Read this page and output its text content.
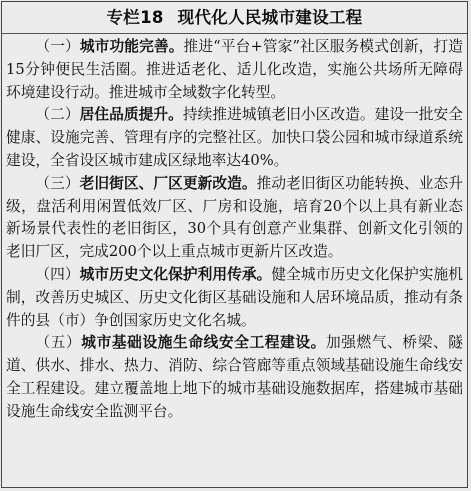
专栏18 现代化人民城市建设工程

（一）城市功能完善。推进“平台+管家”社区服务模式创新，打造15分钟便民生活圈。推进适老化、适儿化改造，实施公共场所无障碍环境建设行动。推进城市全域数字化转型。

（二）居住品质提升。持续推进城镇老旧小区改造。建设一批安全健康、设施完善、管理有序的完整社区。加快口袋公园和城市绿道系统建设，全省设区城市建成区绿地率达40%。

（三）老旧街区、厂区更新改造。推动老旧街区功能转换、业态升级，盘活利用闲置低效厂区、厂房和设施，培育20个以上具有新业态新场景代表性的老旧街区，30个具有创意产业集群、创新文化引领的老旧厂区，完成200个以上重点城市更新片区改造。

（四）城市历史文化保护利用传承。健全城市历史文化保护实施机制，改善历史城区、历史文化街区基础设施和人居环境品质，推动有条件的县（市）争创国家历史文化名城。

（五）城市基础设施生命线安全工程建设。加强燃气、桥梁、隧道、供水、排水、热力、消防、综合管廊等重点领域基础设施生命线安全工程建设。建立覆盖地上地下的城市基础设施数据库，搭建城市基础设施生命线安全监测平台。
